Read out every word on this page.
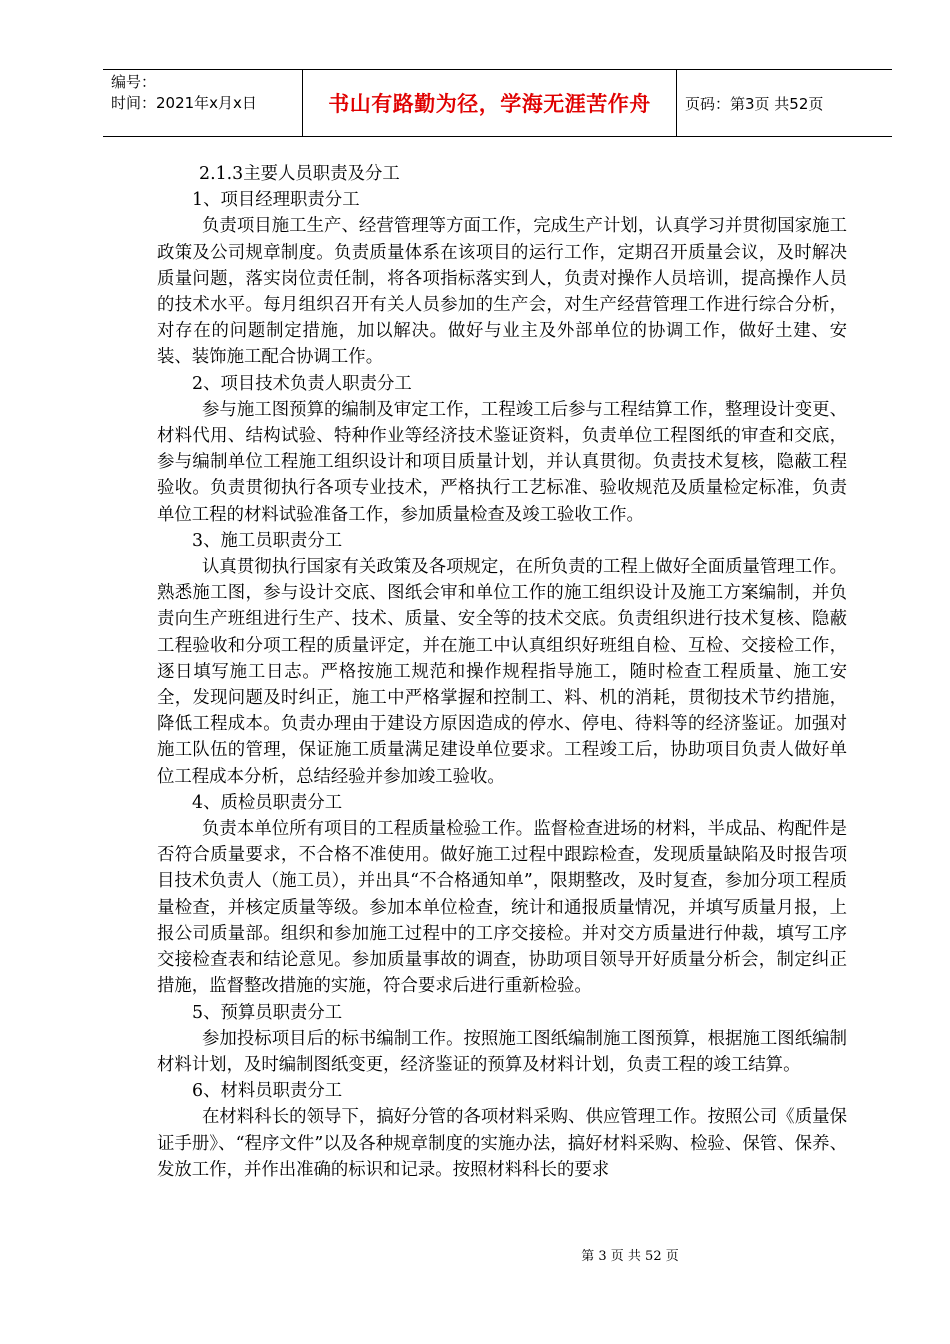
编号：
时间：2021年x月x日	书山有路勤为径，学海无涯苦作舟	页码：第3页 共52页

2.1.3主要人员职责及分工

1、项目经理职责分工

负责项目施工生产、经营管理等方面工作，完成生产计划，认真学习并贯彻国家施工政策及公司规章制度。负责质量体系在该项目的运行工作，定期召开质量会议，及时解决质量问题，落实岗位责任制，将各项指标落实到人，负责对操作人员培训，提高操作人员的技术水平。每月组织召开有关人员参加的生产会，对生产经营管理工作进行综合分析，对存在的问题制定措施，加以解决。做好与业主及外部单位的协调工作，做好土建、安装、装饰施工配合协调工作。

2、项目技术负责人职责分工

参与施工图预算的编制及审定工作，工程竣工后参与工程结算工作，整理设计变更、材料代用、结构试验、特种作业等经济技术鉴证资料，负责单位工程图纸的审查和交底，参与编制单位工程施工组织设计和项目质量计划，并认真贯彻。负责技术复核，隐蔽工程验收。负责贯彻执行各项专业技术，严格执行工艺标准、验收规范及质量检定标准，负责单位工程的材料试验准备工作，参加质量检查及竣工验收工作。

3、施工员职责分工

认真贯彻执行国家有关政策及各项规定，在所负责的工程上做好全面质量管理工作。熟悉施工图，参与设计交底、图纸会审和单位工作的施工组织设计及施工方案编制，并负责向生产班组进行生产、技术、质量、安全等的技术交底。负责组织进行技术复核、隐蔽工程验收和分项工程的质量评定，并在施工中认真组织好班组自检、互检、交接检工作，逐日填写施工日志。严格按施工规范和操作规程指导施工，随时检查工程质量、施工安全，发现问题及时纠正，施工中严格掌握和控制工、料、机的消耗，贯彻技术节约措施，降低工程成本。负责办理由于建设方原因造成的停水、停电、待料等的经济鉴证。加强对施工队伍的管理，保证施工质量满足建设单位要求。工程竣工后，协助项目负责人做好单位工程成本分析，总结经验并参加竣工验收。

4、质检员职责分工

负责本单位所有项目的工程质量检验工作。监督检查进场的材料，半成品、构配件是否符合质量要求，不合格不准使用。做好施工过程中跟踪检查，发现质量缺陷及时报告项目技术负责人（施工员），并出具“不合格通知单”，限期整改，及时复查，参加分项工程质量检查，并核定质量等级。参加本单位检查，统计和通报质量情况，并填写质量月报，上报公司质量部。组织和参加施工过程中的工序交接检。并对交方质量进行仲裁，填写工序交接检查表和结论意见。参加质量事故的调查，协助项目领导开好质量分析会，制定纠正措施，监督整改措施的实施，符合要求后进行重新检验。

5、预算员职责分工

参加投标项目后的标书编制工作。按照施工图纸编制施工图预算，根据施工图纸编制材料计划，及时编制图纸变更，经济鉴证的预算及材料计划，负责工程的竣工结算。

6、材料员职责分工

在材料科长的领导下，搞好分管的各项材料采购、供应管理工作。按照公司《质量保证手册》、“程序文件”以及各种规章制度的实施办法，搞好材料采购、检验、保管、保养、发放工作，并作出准确的标识和记录。按照材料科长的要求

第 3 页 共 52 页
